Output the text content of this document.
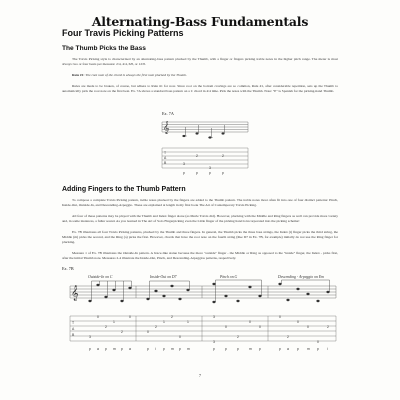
Alternating-Bass Fundamentals
Four Travis Picking Patterns
The Thumb Picks the Bass
The Travis Picking style is characterized by an alternating-bass pattern plucked by the Thumb, with a finger or fingers picking treble notes in the higher pitch range. The meter is most always two or four beats per measure: 2/4, 4/4, 6/8, or 12/8.
Rule #1: The root note of the chord is always the first note plucked by the Thumb.
Rules are made to be broken, of course, but adhere to Rule #1 for now. Since root on the bottom cravings are so common, Rule #1, after considerable repetition, sets up the Thumb to automatically pick the root note on the first beat. Ex. 7A shows a standard bass pattern on a C chord in 4/4 time. Pick the notes with the Thumb. Note: "P" is Spanish for the picking-hand Thumb.
Ex. 7A
𝄞
T
A
B	3
2
3
2
p	p	p	p
Adding Fingers to the Thumb Pattern
To compose a complete Travis Picking pattern, treble notes plucked by the fingers are added to the Thumb pattern. The treble notes most often fit into one of four distinct patterns: Pinch, Inside-Out, Outside-In, and Descending-Arpeggio. These are explained at length in my first book The Art of Contemporary Travis Picking.
All four of these patterns may be played with the Thumb and Index finger alone (as Merle Travis did). However, plucking with the Middle and Ring fingers as well can provide more variety and, in some instances, a fuller sound. As you learned in The Art of Solo Fingerpicking even the Little finger of the picking hand is incorporated into the picking scheme!
Ex. 7B illustrates all four Travis Picking patterns, plucked by the Thumb and three fingers. In general, the Thumb picks the three bass strings, the Index (i) finger picks the third string, the Middle (m) picks the second, and the Ring (a) picks the first. However, chords that have the root note on the fourth string (like D7 in Ex. 7B, for example) initially do not use the Ring finger for plucking.
Measure 1 of Ex. 7B illustrates the Outside-In pattern. A brace-like statue because the more "outside" finger - the Middle or Ring as opposed to the "inside" finger, the Index - picks first, after the initial Thumb note. Measures 2-4 illustrate the Inside-Out, Pinch, and Descending-Arpeggios patterns, respectively.
Ex. 7B
Outside-In on C	Inside-Out on D7	Pinch on G	Descending - Arpeggio on Em
𝄞
T
A
B
3
0
2
1
2
0
0
2
1
2
0
1
3
3
0
2
0
0
0
2
0
0
0
2
p a p m p a	p i p m p m	p	p	p	m p	p a p m p i
7
